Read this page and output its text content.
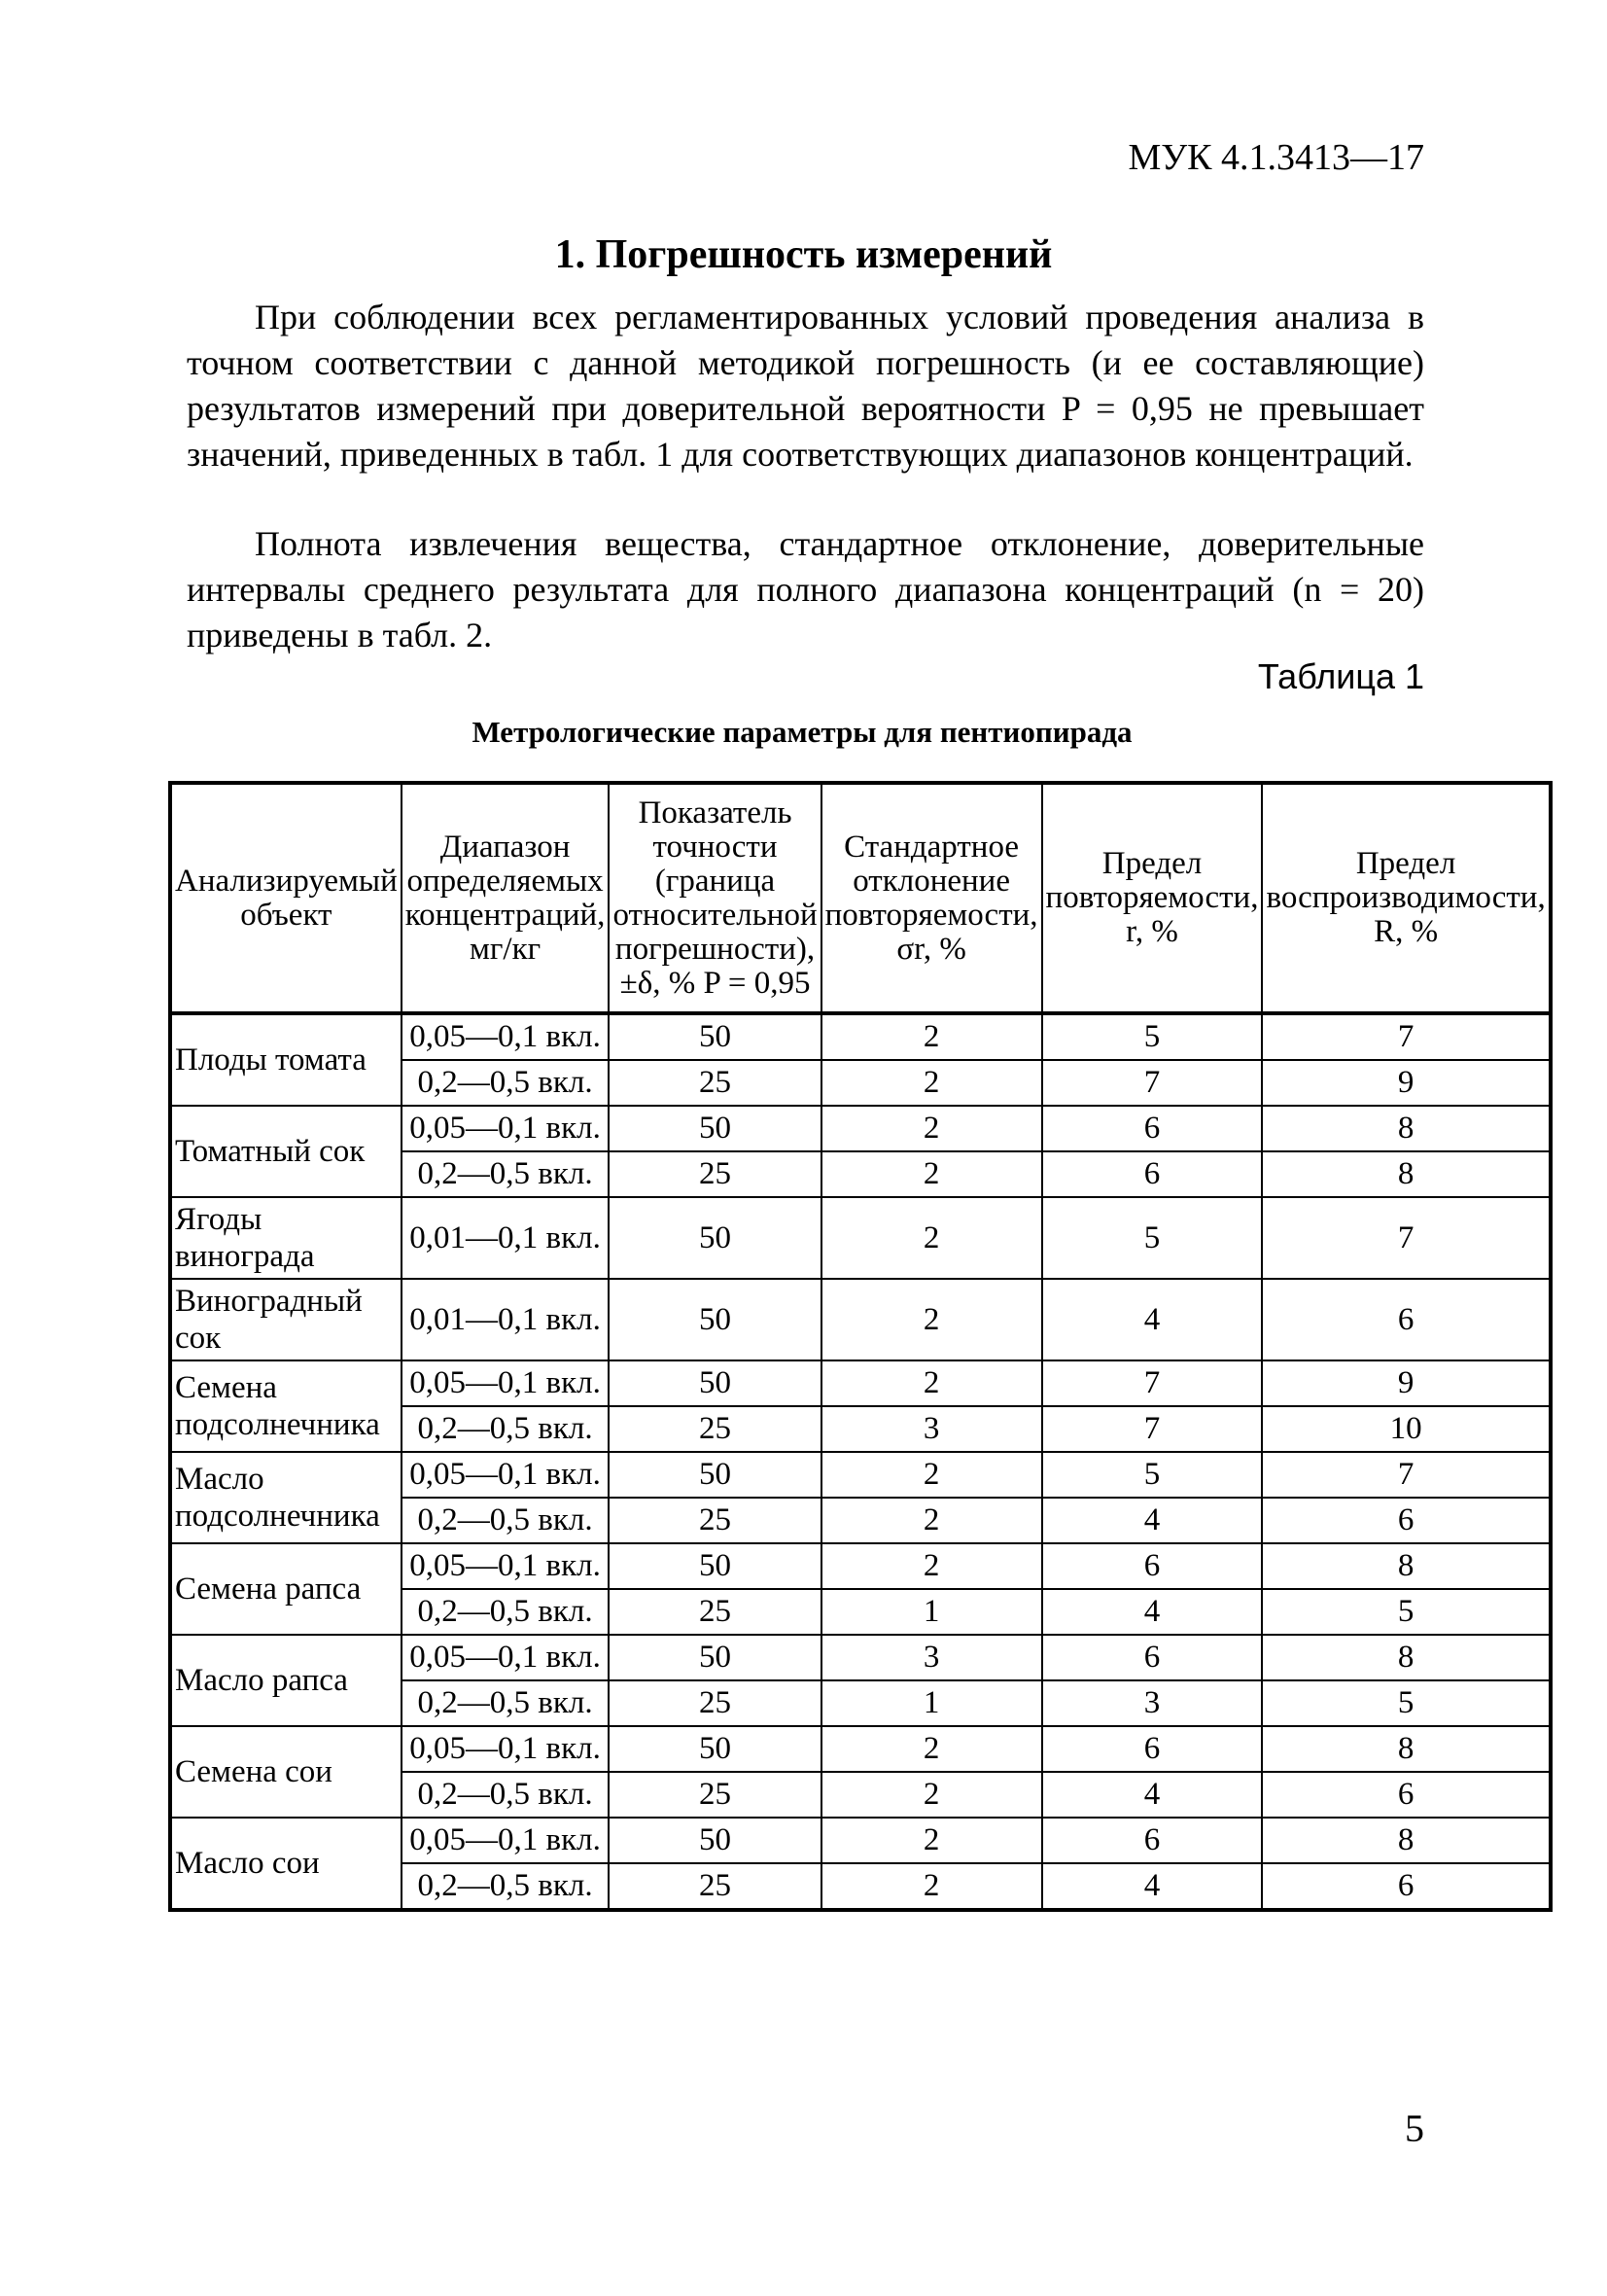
МУК 4.1.3413—17
1. Погрешность измерений
При соблюдении всех регламентированных условий проведения анализа в точном соответствии с данной методикой погрешность (и ее составляющие) результатов измерений при доверительной вероятности P = 0,95 не превышает значений, приведенных в табл. 1 для соответствующих диапазонов концентраций.
Полнота извлечения вещества, стандартное отклонение, доверительные интервалы среднего результата для полного диапазона концентраций (n = 20) приведены в табл. 2.
Таблица 1
Метрологические параметры для пентиопирада
Анализируемый объект	Диапазон определяемых концентраций, мг/кг	Показатель точности (граница относительной погрешности), ±δ, % P = 0,95	Стандартное отклонение повторяемости, σr, %	Предел повторяемости, r, %	Предел воспроизводимости, R, %
Плоды томата	0,05—0,1 вкл.	50	2	5	7
	0,2—0,5 вкл.	25	2	7	9
Томатный сок	0,05—0,1 вкл.	50	2	6	8
	0,2—0,5 вкл.	25	2	6	8
Ягоды винограда	0,01—0,1 вкл.	50	2	5	7
Виноградный сок	0,01—0,1 вкл.	50	2	4	6
Семена подсолнечника	0,05—0,1 вкл.	50	2	7	9
	0,2—0,5 вкл.	25	3	7	10
Масло подсолнечника	0,05—0,1 вкл.	50	2	5	7
	0,2—0,5 вкл.	25	2	4	6
Семена рапса	0,05—0,1 вкл.	50	2	6	8
	0,2—0,5 вкл.	25	1	4	5
Масло рапса	0,05—0,1 вкл.	50	3	6	8
	0,2—0,5 вкл.	25	1	3	5
Семена сои	0,05—0,1 вкл.	50	2	6	8
	0,2—0,5 вкл.	25	2	4	6
Масло сои	0,05—0,1 вкл.	50	2	6	8
	0,2—0,5 вкл.	25	2	4	6
5
